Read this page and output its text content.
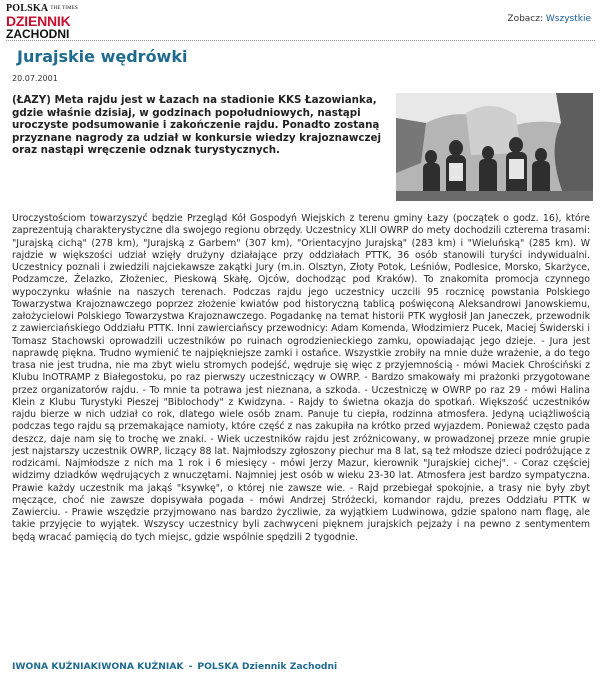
POLSKA $^{THE TIMES}$
DZIENNIK
ZACHODNI
Zobacz: Wszystkie
Jurajskie wędrówki
20.07.2001
(ŁAZY) Meta rajdu jest w Łazach na stadionie KKS Łazowianka, gdzie właśnie dzisiaj, w godzinach popołudniowych, nastąpi uroczyste podsumowanie i zakończenie rajdu. Ponadto zostaną przyznane nagrody za udział w konkursie wiedzy krajoznawczej oraz nastąpi wręczenie odznak turystycznych.
Uroczystościom towarzyszyć będzie Przegląd Kół Gospodyń Wiejskich z terenu gminy Łazy (początek o godz. 16), które zaprezentują charakterystyczne dla swojego regionu obrzędy. Uczestnicy XLII OWRP do mety dochodzili czterema trasami: "Jurajską cichą" (278 km), "Jurajską z Garbem" (307 km), "Orientacyjno Jurajską" (283 km) i "Wieluńską" (285 km). W rajdzie w większości udział wzięły drużyny działające przy oddziałach PTTK, 36 osób stanowili turyści indywidualni. Uczestnicy poznali i zwiedzili najciekawsze zakątki Jury (m.in. Olsztyn, Złoty Potok, Leśniów, Podlesice, Morsko, Skarżyce, Podzamcze, Żelazko, Złożeniec, Pieskową Skałę, Ojców, dochodząc pod Kraków). To znakomita promocja czynnego wypoczynku właśnie na naszych terenach. Podczas rajdu jego uczestnicy uczcili 95 rocznicę powstania Polskiego Towarzystwa Krajoznawczego poprzez złożenie kwiatów pod historyczną tablicą poświęconą Aleksandrowi Janowskiemu, założycielowi Polskiego Towarzystwa Krajoznawczego. Pogadankę na temat historii PTK wygłosił Jan Janeczek, przewodnik z zawierciańskiego Oddziału PTTK. Inni zawierciańscy przewodnicy: Adam Komenda, Włodzimierz Pucek, Maciej Świderski i Tomasz Stachowski oprowadzili uczestników po ruinach ogrodzienieckiego zamku, opowiadając jego dzieje. - Jura jest naprawdę piękna. Trudno wymienić te najpiękniejsze zamki i ostańce. Wszystkie zrobiły na mnie duże wrażenie, a do tego trasa nie jest trudna, nie ma zbyt wielu stromych podejść, wędruje się więc z przyjemnością - mówi Maciek Chrościński z Klubu InOTRAMP z Białegostoku, po raz pierwszy uczestniczący w OWRP. - Bardzo smakowały mi prażonki przygotowane przez organizatorów rajdu. - To mnie ta potrawa jest nieznana, a szkoda. - Uczestniczę w OWRP po raz 29 - mówi Halina Klein z Klubu Turystyki Pieszej "Biblochody" z Kwidzyna. - Rajdy to świetna okazja do spotkań. Większość uczestników rajdu bierze w nich udział co rok, dlatego wiele osób znam. Panuje tu ciepła, rodzinna atmosfera. Jedyną uciążliwością podczas tego rajdu są przemakające namioty, które część z nas zakupiła na krótko przed wyjazdem. Ponieważ często pada deszcz, daje nam się to trochę we znaki. - Wiek uczestników rajdu jest zróżnicowany, w prowadzonej przeze mnie grupie jest najstarszy uczestnik OWRP, liczący 88 lat. Najmłodszy zgłoszony piechur ma 8 lat, są też młodsze dzieci podróżujące z rodzicami. Najmłodsze z nich ma 1 rok i 6 miesięcy - mówi Jerzy Mazur, kierownik "Jurajskiej cichej". - Coraz częściej widzimy dziadków wędrujących z wnuczętami. Najmniej jest osób w wieku 23-30 lat. Atmosfera jest bardzo sympatyczna. Prawie każdy uczestnik ma jakąś "ksywkę", o której nie zawsze wie. - Rajd przebiegał spokojnie, a trasy nie były zbyt męczące, choć nie zawsze dopisywała pogada - mówi Andrzej Stróżecki, komandor rajdu, prezes Oddziału PTTK w Zawierciu. - Prawie wszędzie przyjmowano nas bardzo życzliwie, za wyjątkiem Ludwinowa, gdzie spalono nam flagę, ale takie przyjęcie to wyjątek. Wszyscy uczestnicy byli zachwyceni pięknem jurajskich pejzaży i na pewno z sentymentem będą wracać pamięcią do tych miejsc, gdzie wspólnie spędzili 2 tygodnie.
IWONA KUŹNIAKIWONA KUŹNIAK - POLSKA Dziennik Zachodni
